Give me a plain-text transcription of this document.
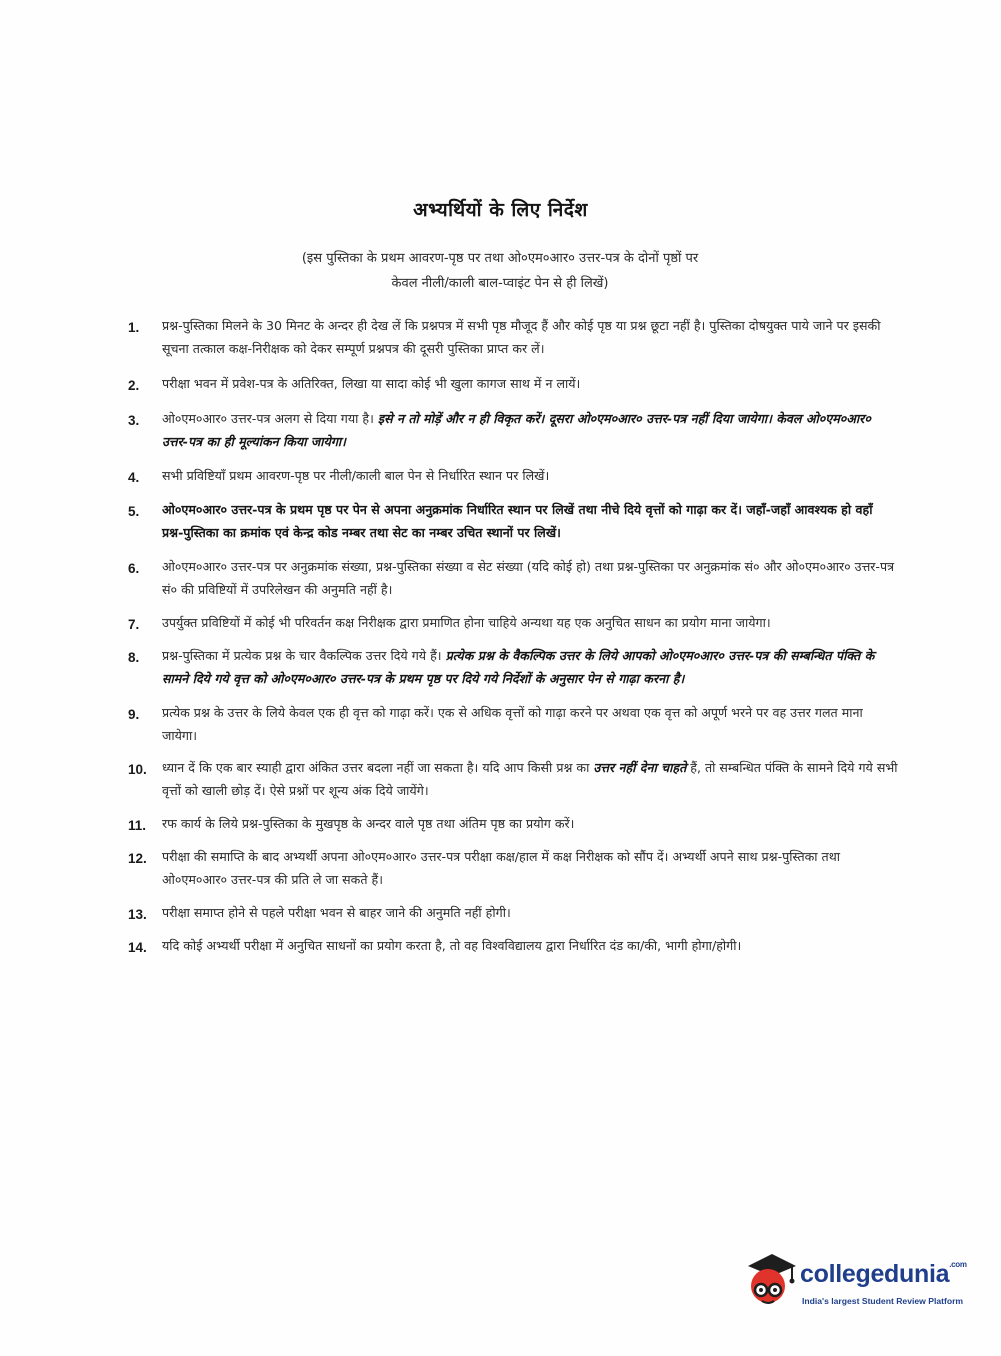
अभ्यर्थियों के लिए निर्देश
(इस पुस्तिका के प्रथम आवरण-पृष्ठ पर तथा ओ०एम०आर० उत्तर-पत्र के दोनों पृष्ठों पर
केवल नीली/काली बाल-प्वाइंट पेन से ही लिखें)
1. प्रश्न-पुस्तिका मिलने के 30 मिनट के अन्दर ही देख लें कि प्रश्नपत्र में सभी पृष्ठ मौजूद हैं और कोई पृष्ठ या प्रश्न छूटा नहीं है। पुस्तिका दोषयुक्त पाये जाने पर इसकी सूचना तत्काल कक्ष-निरीक्षक को देकर सम्पूर्ण प्रश्नपत्र की दूसरी पुस्तिका प्राप्त कर लें।
2. परीक्षा भवन में प्रवेश-पत्र के अतिरिक्त, लिखा या सादा कोई भी खुला कागज साथ में न लायें।
3. ओ०एम०आर० उत्तर-पत्र अलग से दिया गया है। इसे न तो मोड़ें और न ही विकृत करें। दूसरा ओ०एम०आर० उत्तर-पत्र नहीं दिया जायेगा। केवल ओ०एम०आर० उत्तर-पत्र का ही मूल्यांकन किया जायेगा।
4. सभी प्रविष्टियाँ प्रथम आवरण-पृष्ठ पर नीली/काली बाल पेन से निर्धारित स्थान पर लिखें।
5. ओ०एम०आर० उत्तर-पत्र के प्रथम पृष्ठ पर पेन से अपना अनुक्रमांक निर्धारित स्थान पर लिखें तथा नीचे दिये वृत्तों को गाढ़ा कर दें। जहाँ-जहाँ आवश्यक हो वहाँ प्रश्न-पुस्तिका का क्रमांक एवं केन्द्र कोड नम्बर तथा सेट का नम्बर उचित स्थानों पर लिखें।
6. ओ०एम०आर० उत्तर-पत्र पर अनुक्रमांक संख्या, प्रश्न-पुस्तिका संख्या व सेट संख्या (यदि कोई हो) तथा प्रश्न-पुस्तिका पर अनुक्रमांक सं० और ओ०एम०आर० उत्तर-पत्र सं० की प्रविष्टियों में उपरिलेखन की अनुमति नहीं है।
7. उपर्युक्त प्रविष्टियों में कोई भी परिवर्तन कक्ष निरीक्षक द्वारा प्रमाणित होना चाहिये अन्यथा यह एक अनुचित साधन का प्रयोग माना जायेगा।
8. प्रश्न-पुस्तिका में प्रत्येक प्रश्न के चार वैकल्पिक उत्तर दिये गये हैं। प्रत्येक प्रश्न के वैकल्पिक उत्तर के लिये आपको ओ०एम०आर० उत्तर-पत्र की सम्बन्धित पंक्ति के सामने दिये गये वृत्त को ओ०एम०आर० उत्तर-पत्र के प्रथम पृष्ठ पर दिये गये निर्देशों के अनुसार पेन से गाढ़ा करना है।
9. प्रत्येक प्रश्न के उत्तर के लिये केवल एक ही वृत्त को गाढ़ा करें। एक से अधिक वृत्तों को गाढ़ा करने पर अथवा एक वृत्त को अपूर्ण भरने पर वह उत्तर गलत माना जायेगा।
10. ध्यान दें कि एक बार स्याही द्वारा अंकित उत्तर बदला नहीं जा सकता है। यदि आप किसी प्रश्न का उत्तर नहीं देना चाहते हैं, तो सम्बन्धित पंक्ति के सामने दिये गये सभी वृत्तों को खाली छोड़ दें। ऐसे प्रश्नों पर शून्य अंक दिये जायेंगे।
11. रफ कार्य के लिये प्रश्न-पुस्तिका के मुखपृष्ठ के अन्दर वाले पृष्ठ तथा अंतिम पृष्ठ का प्रयोग करें।
12. परीक्षा की समाप्ति के बाद अभ्यर्थी अपना ओ०एम०आर० उत्तर-पत्र परीक्षा कक्ष/हाल में कक्ष निरीक्षक को सौंप दें। अभ्यर्थी अपने साथ प्रश्न-पुस्तिका तथा ओ०एम०आर० उत्तर-पत्र की प्रति ले जा सकते हैं।
13. परीक्षा समाप्त होने से पहले परीक्षा भवन से बाहर जाने की अनुमति नहीं होगी।
14. यदि कोई अभ्यर्थी परीक्षा में अनुचित साधनों का प्रयोग करता है, तो वह विश्वविद्यालय द्वारा निर्धारित दंड का/की, भागी होगा/होगी।
collegedunia$^{.com}$
India's largest Student Review Platform
